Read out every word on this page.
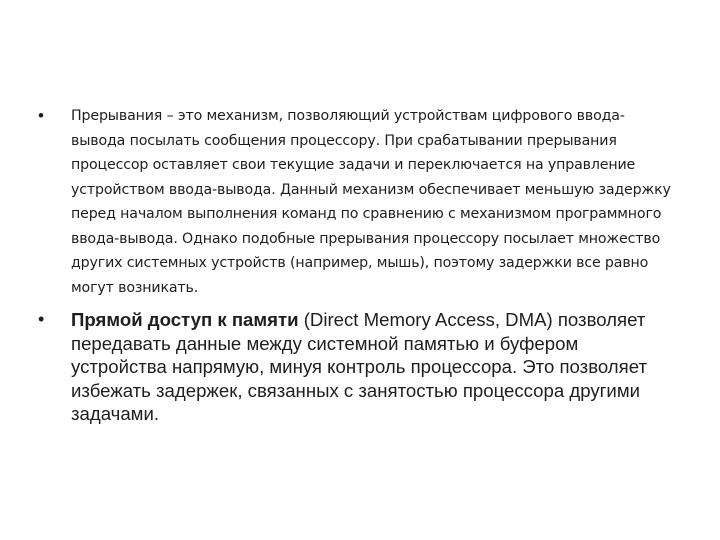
• Прерывания – это механизм, позволяющий устройствам цифрового ввода-вывода посылать сообщения процессору. При срабатывании прерывания процессор оставляет свои текущие задачи и переключается на управление устройством ввода-вывода. Данный механизм обеспечивает меньшую задержку перед началом выполнения команд по сравнению с механизмом программного ввода-вывода. Однако подобные прерывания процессору посылает множество других системных устройств (например, мышь), поэтому задержки все равно могут возникать.
• Прямой доступ к памяти (Direct Memory Access, DMA) позволяет передавать данные между системной памятью и буфером устройства напрямую, минуя контроль процессора. Это позволяет избежать задержек, связанных с занятостью процессора другими задачами.
